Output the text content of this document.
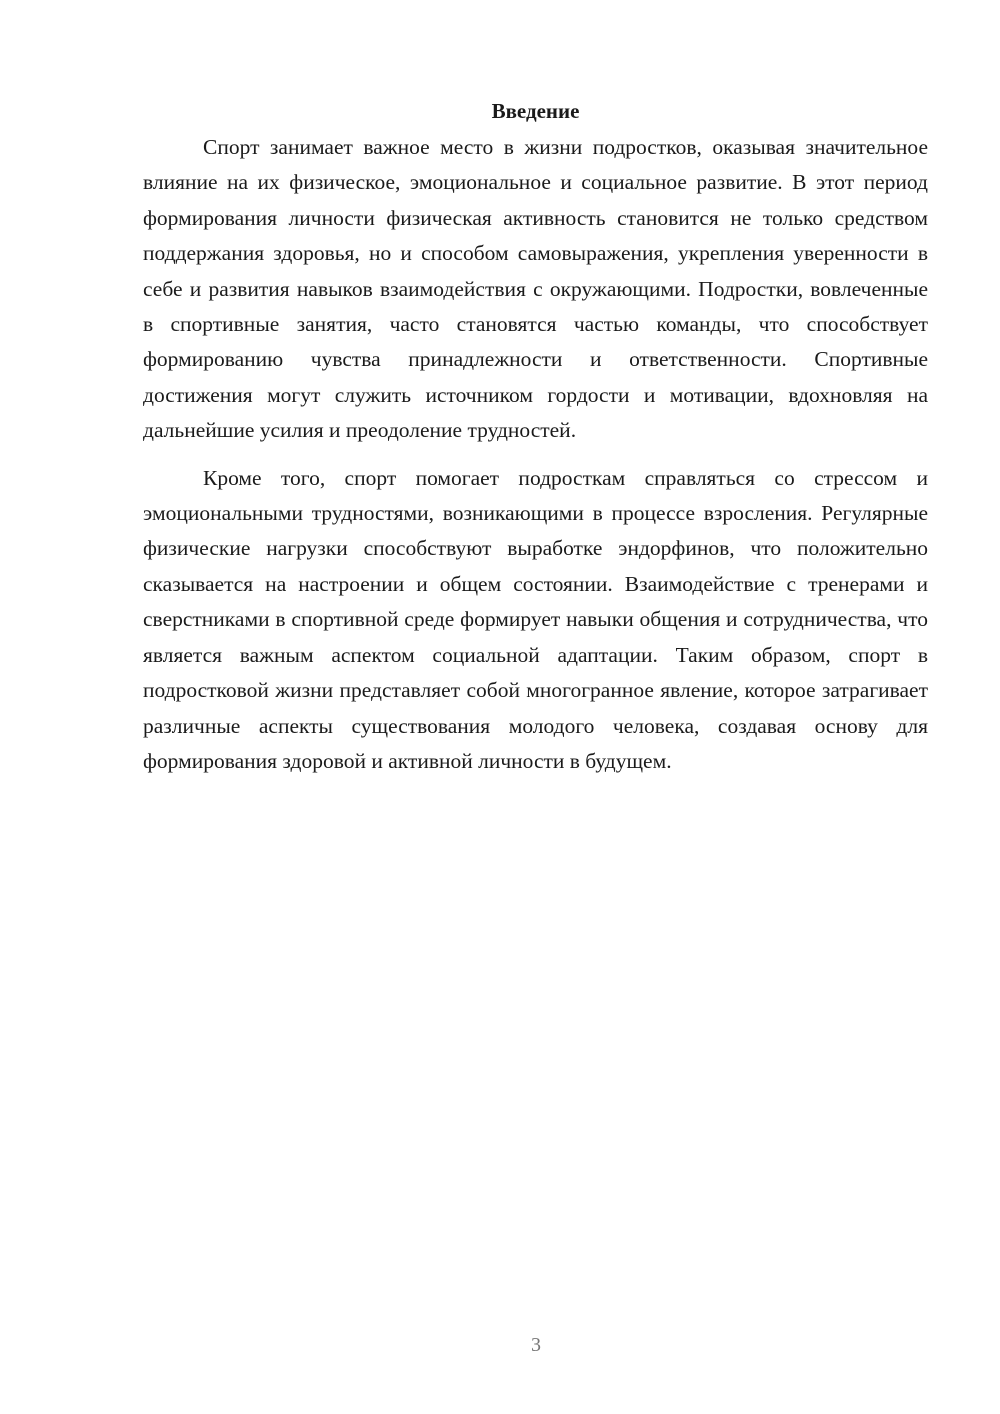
Введение

Спорт занимает важное место в жизни подростков, оказывая значительное влияние на их физическое, эмоциональное и социальное развитие. В этот период формирования личности физическая активность становится не только средством поддержания здоровья, но и способом самовыражения, укрепления уверенности в себе и развития навыков взаимодействия с окружающими. Подростки, вовлеченные в спортивные занятия, часто становятся частью команды, что способствует формированию чувства принадлежности и ответственности. Спортивные достижения могут служить источником гордости и мотивации, вдохновляя на дальнейшие усилия и преодоление трудностей.

Кроме того, спорт помогает подросткам справляться со стрессом и эмоциональными трудностями, возникающими в процессе взросления. Регулярные физические нагрузки способствуют выработке эндорфинов, что положительно сказывается на настроении и общем состоянии. Взаимодействие с тренерами и сверстниками в спортивной среде формирует навыки общения и сотрудничества, что является важным аспектом социальной адаптации. Таким образом, спорт в подростковой жизни представляет собой многогранное явление, которое затрагивает различные аспекты существования молодого человека, создавая основу для формирования здоровой и активной личности в будущем.

3
